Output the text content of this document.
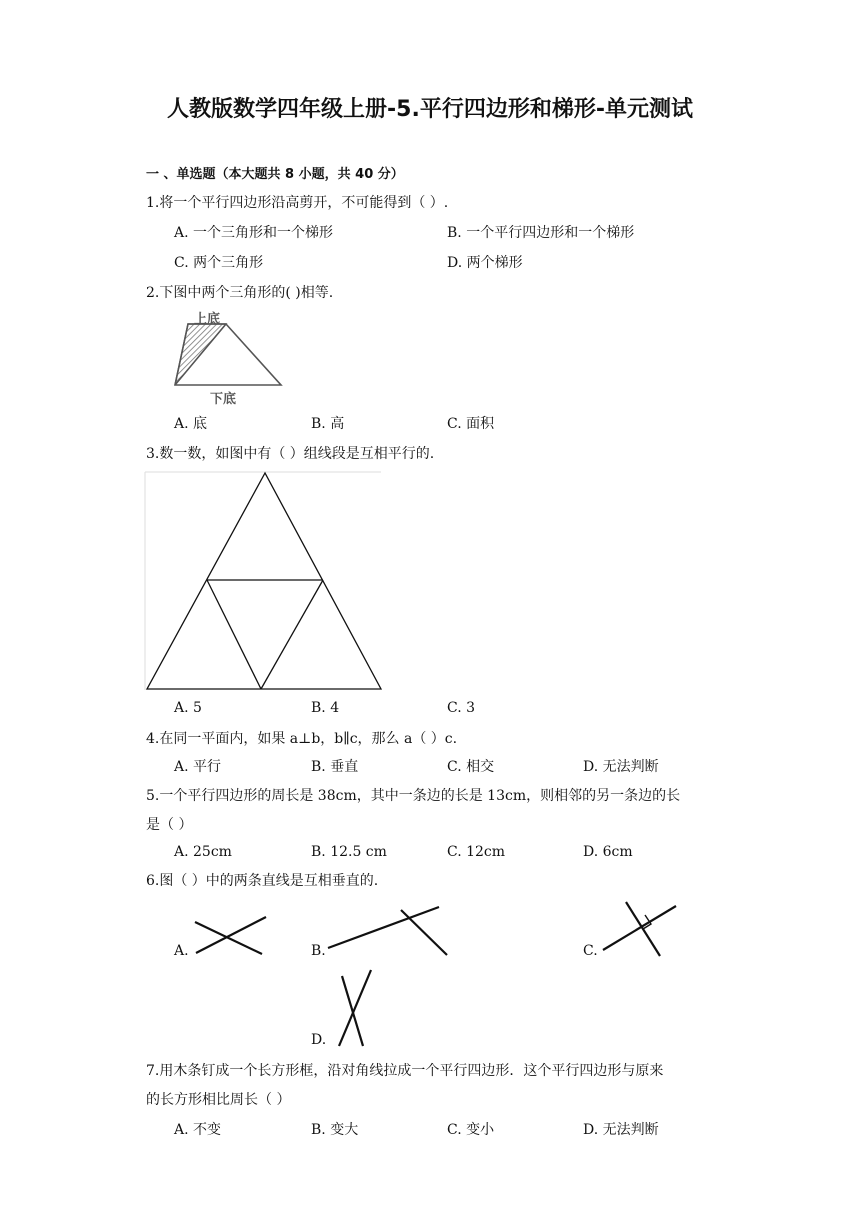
人教版数学四年级上册-5.平行四边形和梯形-单元测试
一 、单选题（本大题共 8 小题，共 40 分）
1.将一个平行四边形沿高剪开，不可能得到（ ）.
A. 一个三角形和一个梯形	B. 一个平行四边形和一个梯形
C. 两个三角形	D. 两个梯形
2.下图中两个三角形的( )相等.
上底
下底
A. 底	B. 高	C. 面积
3.数一数，如图中有（ ）组线段是互相平行的.
A. 5	B. 4	C. 3
4.在同一平面内，如果 a⊥b，b∥c，那么 a（ ）c.
A. 平行	B. 垂直	C. 相交	D. 无法判断
5.一个平行四边形的周长是 38cm，其中一条边的长是 13cm，则相邻的另一条边的长
是（ ）
A. 25cm	B. 12.5 cm	C. 12cm	D. 6cm
6.图（ ）中的两条直线是互相垂直的.
A.	B.	C.
D.
7.用木条钉成一个长方形框，沿对角线拉成一个平行四边形．这个平行四边形与原来
的长方形相比周长（ ）
A. 不变	B. 变大	C. 变小	D. 无法判断
